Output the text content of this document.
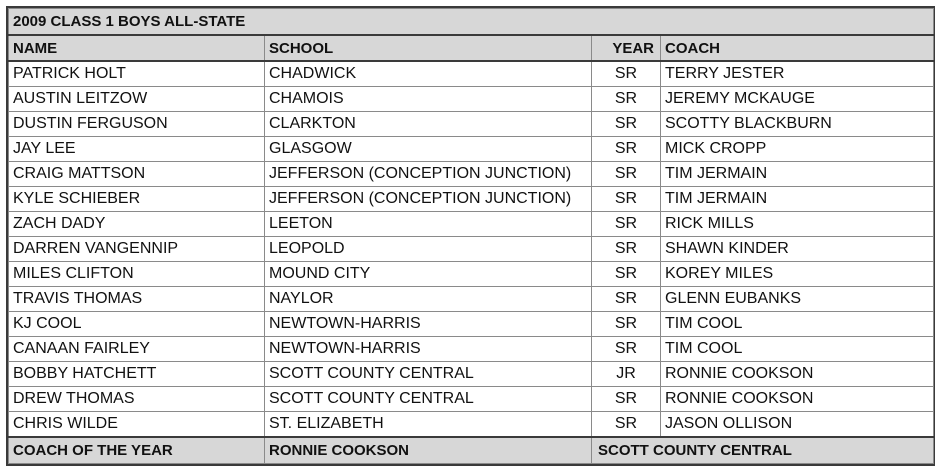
2009 CLASS 1 BOYS ALL-STATE			
NAME	SCHOOL	YEAR	COACH
PATRICK HOLT	CHADWICK	SR	TERRY JESTER
AUSTIN LEITZOW	CHAMOIS	SR	JEREMY MCKAUGE
DUSTIN FERGUSON	CLARKTON	SR	SCOTTY BLACKBURN
JAY LEE	GLASGOW	SR	MICK CROPP
CRAIG MATTSON	JEFFERSON (CONCEPTION JUNCTION)	SR	TIM JERMAIN
KYLE SCHIEBER	JEFFERSON (CONCEPTION JUNCTION)	SR	TIM JERMAIN
ZACH DADY	LEETON	SR	RICK MILLS
DARREN VANGENNIP	LEOPOLD	SR	SHAWN KINDER
MILES CLIFTON	MOUND CITY	SR	KOREY MILES
TRAVIS THOMAS	NAYLOR	SR	GLENN EUBANKS
KJ COOL	NEWTOWN-HARRIS	SR	TIM COOL
CANAAN FAIRLEY	NEWTOWN-HARRIS	SR	TIM COOL
BOBBY HATCHETT	SCOTT COUNTY CENTRAL	JR	RONNIE COOKSON
DREW THOMAS	SCOTT COUNTY CENTRAL	SR	RONNIE COOKSON
CHRIS WILDE	ST. ELIZABETH	SR	JASON OLLISON
COACH OF THE YEAR	RONNIE COOKSON	SCOTT COUNTY CENTRAL	
